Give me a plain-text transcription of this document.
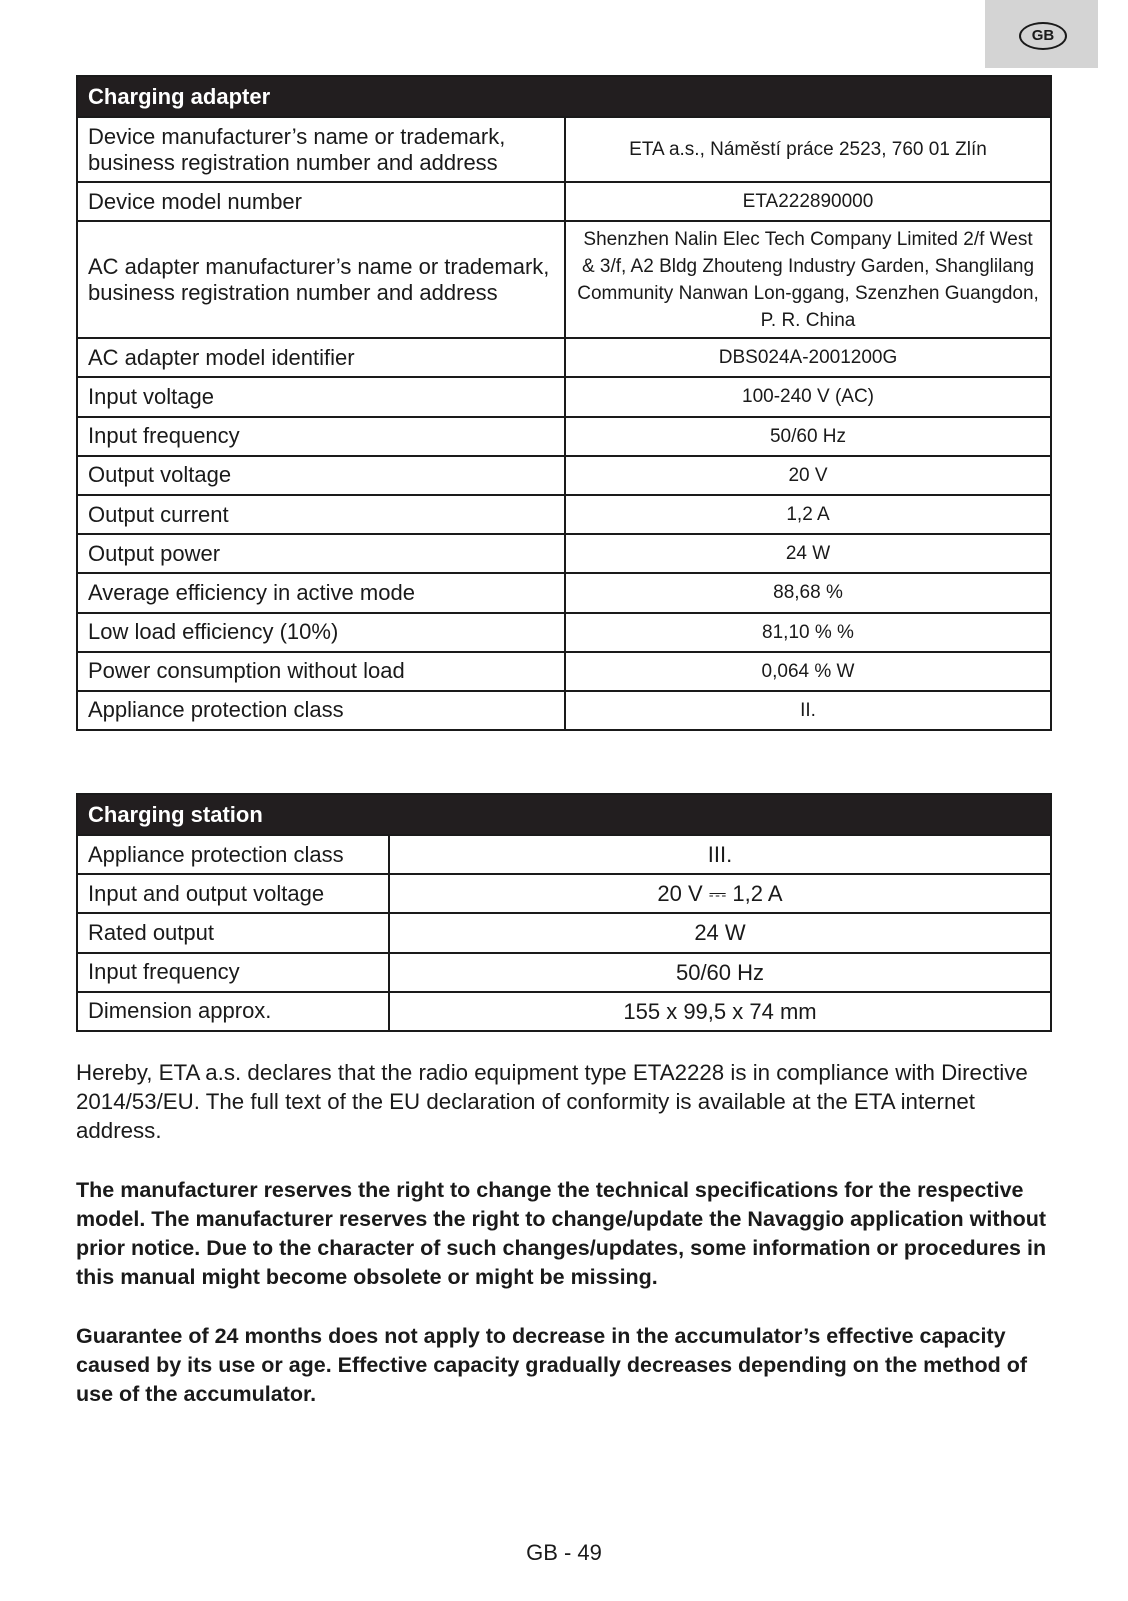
GB
Charging adapter	
Device manufacturer’s name or trademark, business registration number and address	ETA a.s., Náměstí práce 2523, 760 01 Zlín
Device model number	ETA222890000
AC adapter manufacturer’s name or trademark, business registration number and address	Shenzhen Nalin Elec Tech Company Limited 2/f West & 3/f, A2 Bldg Zhouteng Industry Garden, Shanglilang Community Nanwan Lon-ggang, Szenzhen Guangdon, P. R. China
AC adapter model identifier	DBS024A-2001200G
Input voltage	100-240 V (AC)
Input frequency	50/60 Hz
Output voltage	20 V
Output current	1,2 A
Output power	24 W
Average efficiency in active mode	88,68 %
Low load efficiency (10%)	81,10 % %
Power consumption without load	0,064 % W
Appliance protection class	II.
Charging station	
Appliance protection class	III.
Input and output voltage	20 V ⎓ 1,2 A
Rated output	24 W
Input frequency	50/60 Hz
Dimension approx.	155 x 99,5 x 74 mm

Hereby, ETA a.s. declares that the radio equipment type ETA2228 is in compliance with Directive 2014/53/EU. The full text of the EU declaration of conformity is available at the ETA internet address.

The manufacturer reserves the right to change the technical specifications for the respective model. The manufacturer reserves the right to change/update the Navaggio application without prior notice. Due to the character of such changes/updates, some information or procedures in this manual might become obsolete or might be missing.

Guarantee of 24 months does not apply to decrease in the accumulator’s effective capacity caused by its use or age. Effective capacity gradually decreases depending on the method of use of the accumulator.

GB - 49
